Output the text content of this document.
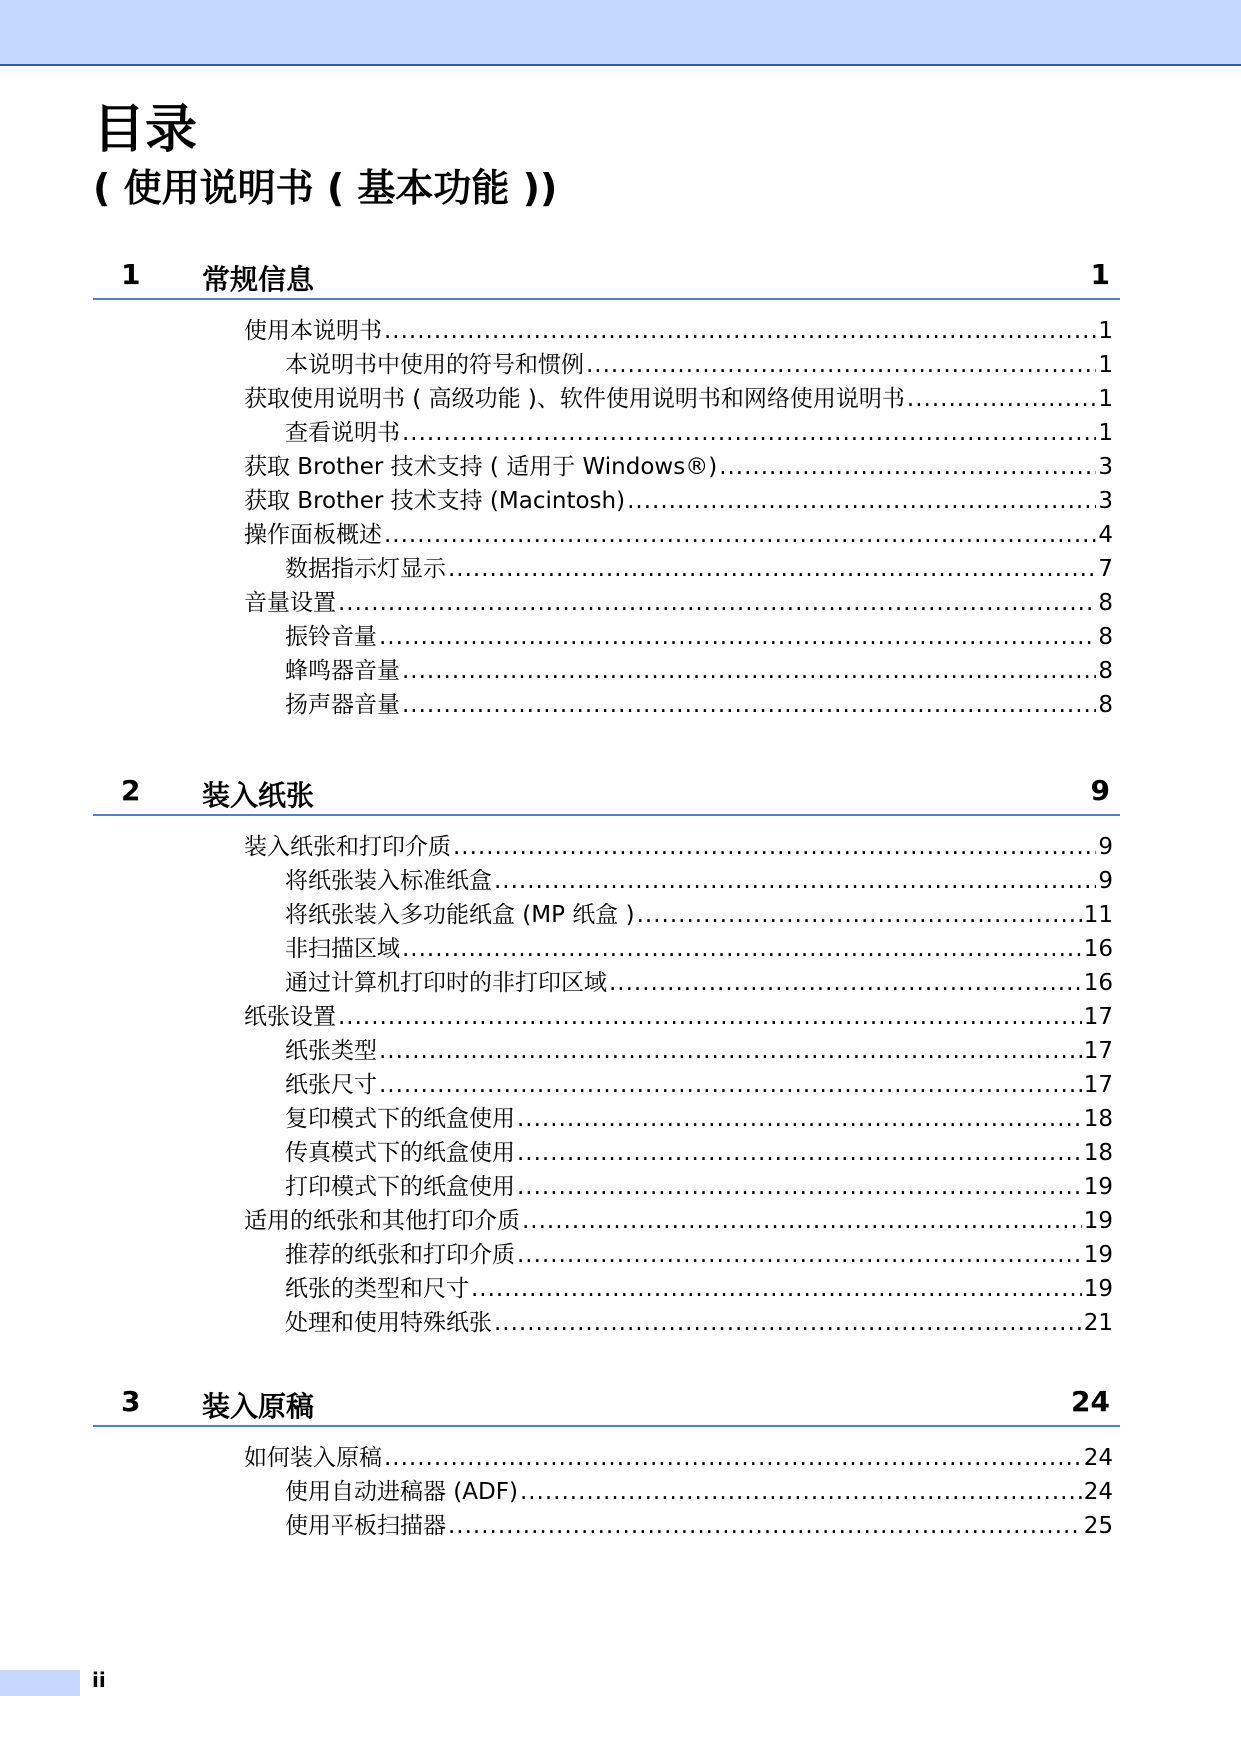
目录
( 使用说明书 ( 基本功能 ))
1 常规信息	1
使用本说明书 .....	1
本说明书中使用的符号和惯例 .....	1
获取使用说明书 ( 高级功能 )、软件使用说明书和网络使用说明书 .....	1
查看说明书 .....	1
获取 Brother 技术支持 ( 适用于 Windows®) .....	3
获取 Brother 技术支持 (Macintosh) .....	3
操作面板概述 .....	4
数据指示灯显示 .....	7
音量设置 .....	8
振铃音量 .....	8
蜂鸣器音量 .....	8
扬声器音量 .....	8
2 装入纸张	9
装入纸张和打印介质 .....	9
将纸张装入标准纸盒 .....	9
将纸张装入多功能纸盒 (MP 纸盒 ) .....	11
非扫描区域 .....	16
通过计算机打印时的非打印区域 .....	16
纸张设置 .....	17
纸张类型 .....	17
纸张尺寸 .....	17
复印模式下的纸盒使用 .....	18
传真模式下的纸盒使用 .....	18
打印模式下的纸盒使用 .....	19
适用的纸张和其他打印介质 .....	19
推荐的纸张和打印介质 .....	19
纸张的类型和尺寸 .....	19
处理和使用特殊纸张 .....	21
3 装入原稿	24
如何装入原稿 .....	24
使用自动进稿器 (ADF) .....	24
使用平板扫描器 .....	25
ii
